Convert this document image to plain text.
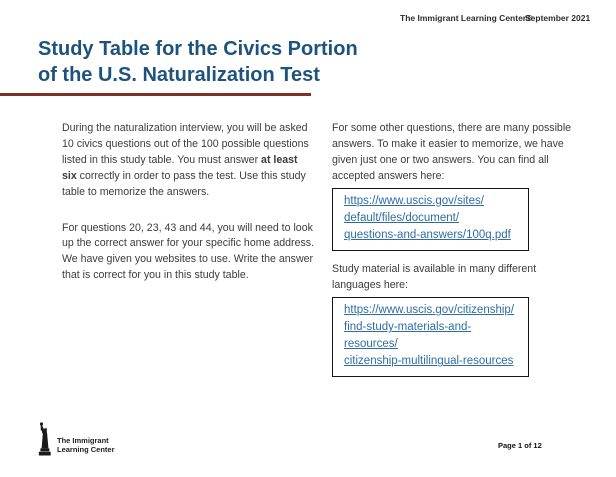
The Immigrant Learning Center®
September 2021
Study Table for the Civics Portion
of the U.S. Naturalization Test

During the naturalization interview, you will be asked 10 civics questions out of the 100 possible questions listed in this study table. You must answer at least six correctly in order to pass the test. Use this study table to memorize the answers.

For questions 20, 23, 43 and 44, you will need to look up the correct answer for your specific home address. We have given you websites to use. Write the answer that is correct for you in this study table.

For some other questions, there are many possible answers. To make it easier to memorize, we have given just one or two answers. You can find all accepted answers here:

https://www.uscis.gov/sites/
default/files/document/
questions-and-answers/100q.pdf

Study material is available in many different languages here:

https://www.uscis.gov/citizenship/
find-study-materials-and-resources/
citizenship-multilingual-resources
The Immigrant
Learning Center	Page 1 of 12
